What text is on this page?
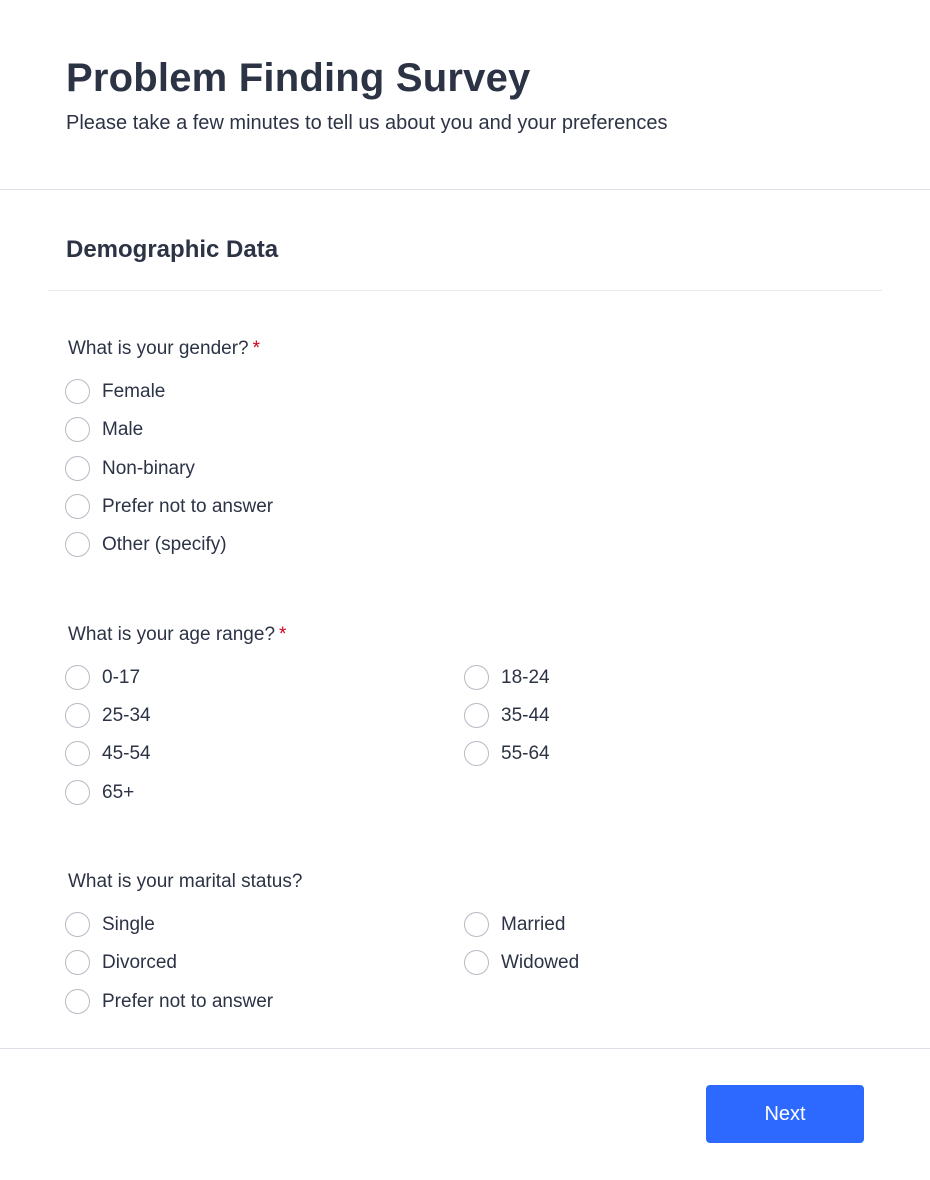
Problem Finding Survey

Please take a few minutes to tell us about you and your preferences

Demographic Data
What is your gender? *
Female
Male
Non-binary
Prefer not to answer
Other (specify)
What is your age range? *
0-17	18-24
25-34	35-44
45-54	55-64
65+
What is your marital status?
Single	Married
Divorced	Widowed
Prefer not to answer
Next
